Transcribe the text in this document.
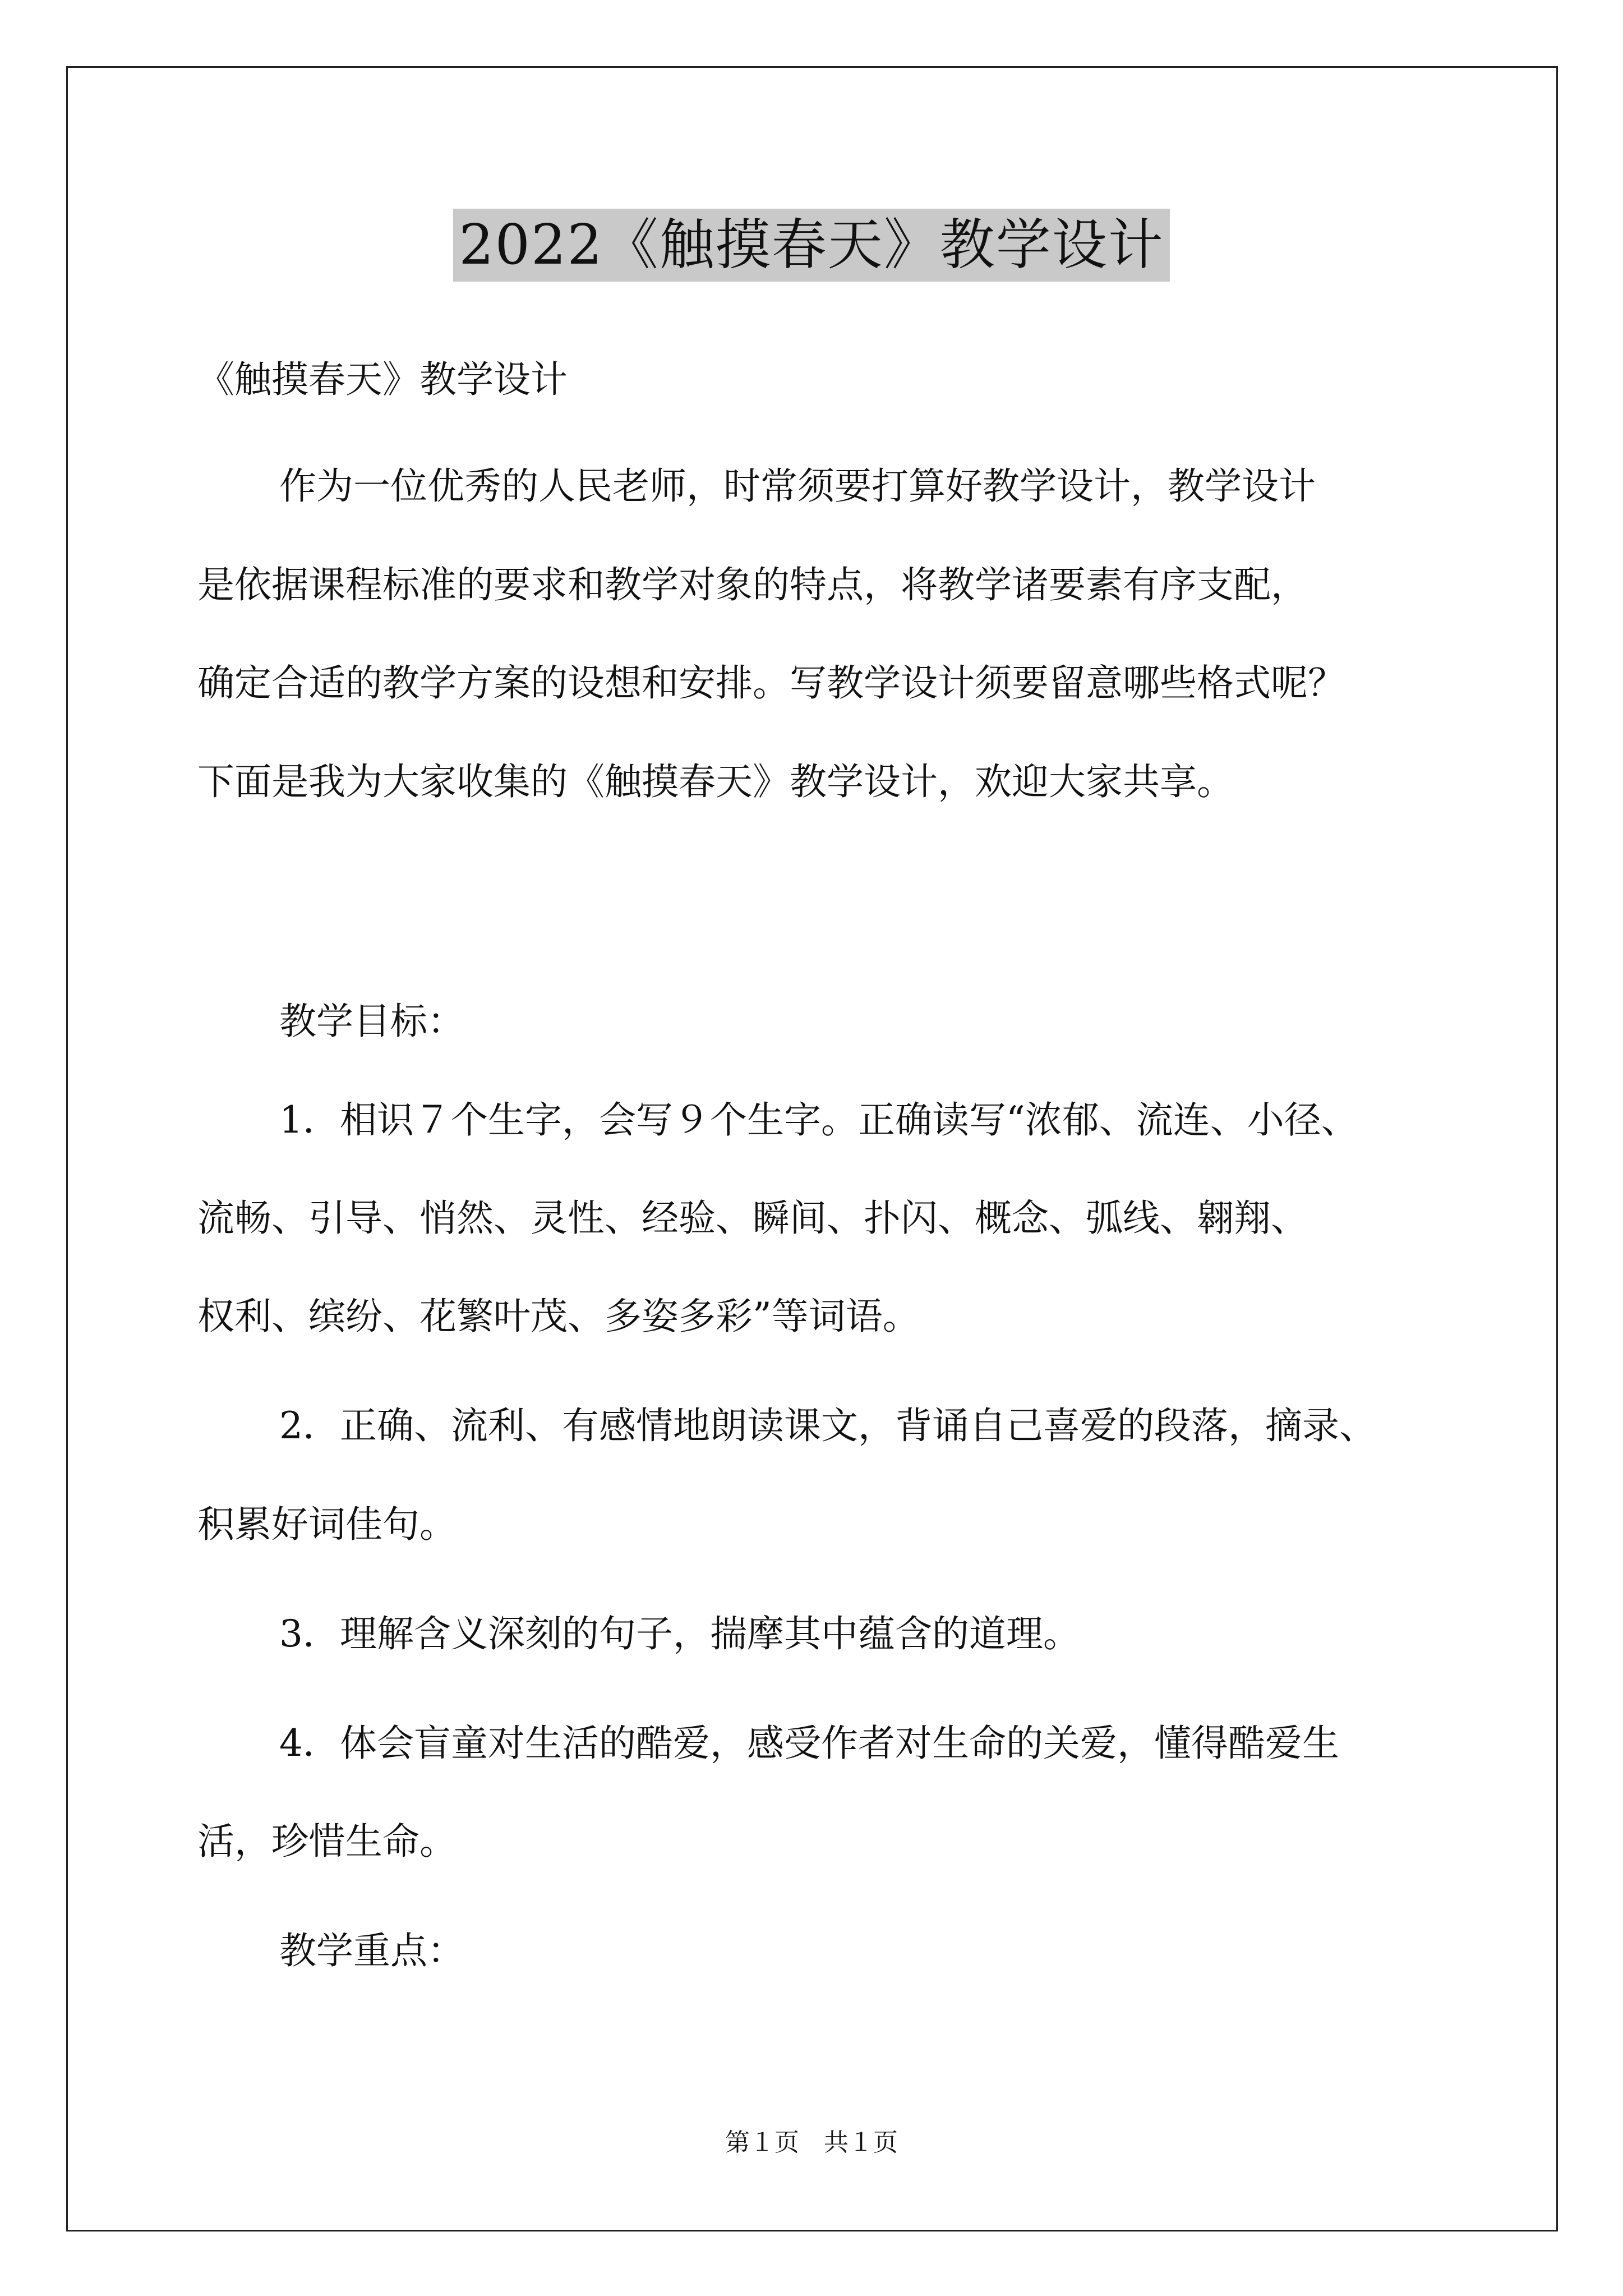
2022《触摸春天》教学设计
《触摸春天》教学设计
作为一位优秀的人民老师，时常须要打算好教学设计，教学设计
是依据课程标准的要求和教学对象的特点，将教学诸要素有序支配，
确定合适的教学方案的设想和安排。写教学设计须要留意哪些格式呢？
下面是我为大家收集的《触摸春天》教学设计，欢迎大家共享。
教学目标：
1．相识７个生字，会写９个生字。正确读写“浓郁、流连、小径、
流畅、引导、悄然、灵性、经验、瞬间、扑闪、概念、弧线、翱翔、
权利、缤纷、花繁叶茂、多姿多彩”等词语。
2．正确、流利、有感情地朗读课文，背诵自己喜爱的段落，摘录、
积累好词佳句。
3．理解含义深刻的句子，揣摩其中蕴含的道理。
4．体会盲童对生活的酷爱，感受作者对生命的关爱，懂得酷爱生
活，珍惜生命。
教学重点：
第１页　共１页
